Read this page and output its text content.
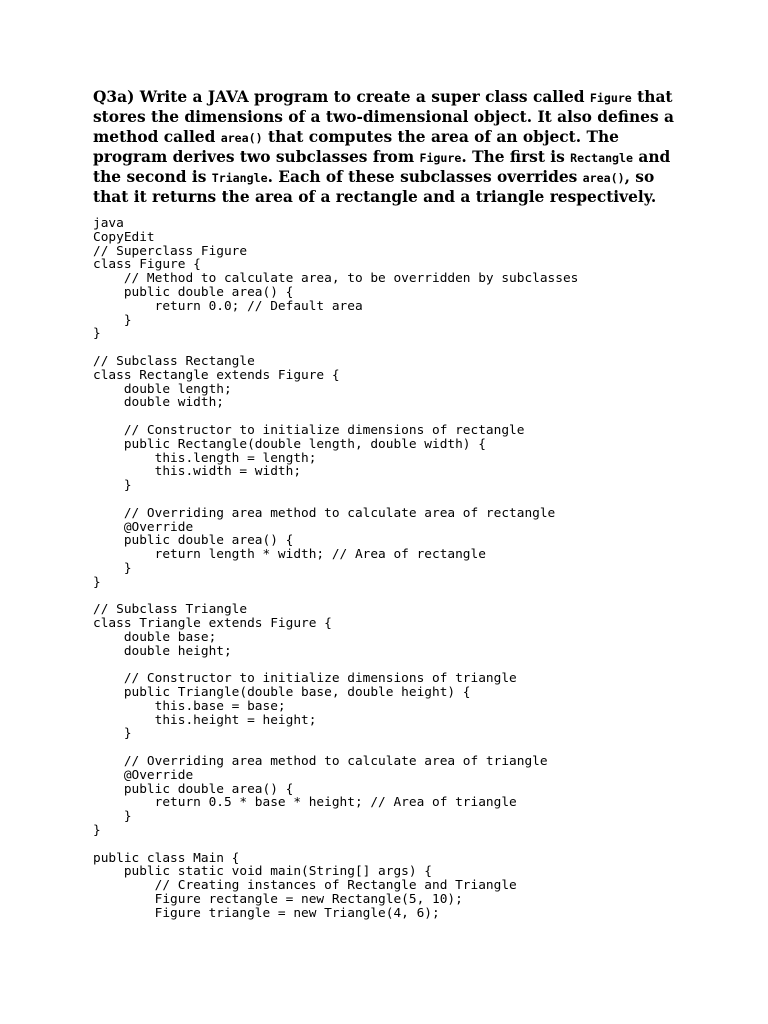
Q3a) Write a JAVA program to create a super class called Figure that stores the dimensions of a two-dimensional object. It also defines a method called area() that computes the area of an object. The program derives two subclasses from Figure. The first is Rectangle and the second is Triangle. Each of these subclasses overrides area(), so that it returns the area of a rectangle and a triangle respectively.

java
CopyEdit
// Superclass Figure
class Figure {
// Method to calculate area, to be overridden by subclasses
public double area() {
return 0.0; // Default area
}
}
// Subclass Rectangle
class Rectangle extends Figure {
double length;
double width;
// Constructor to initialize dimensions of rectangle
public Rectangle(double length, double width) {
this.length = length;
this.width = width;
}
// Overriding area method to calculate area of rectangle
@Override
public double area() {
return length * width; // Area of rectangle
}
}
// Subclass Triangle
class Triangle extends Figure {
double base;
double height;
// Constructor to initialize dimensions of triangle
public Triangle(double base, double height) {
this.base = base;
this.height = height;
}
// Overriding area method to calculate area of triangle
@Override
public double area() {
return 0.5 * base * height; // Area of triangle
}
}
public class Main {
public static void main(String[] args) {
// Creating instances of Rectangle and Triangle
Figure rectangle = new Rectangle(5, 10);
Figure triangle = new Triangle(4, 6);
